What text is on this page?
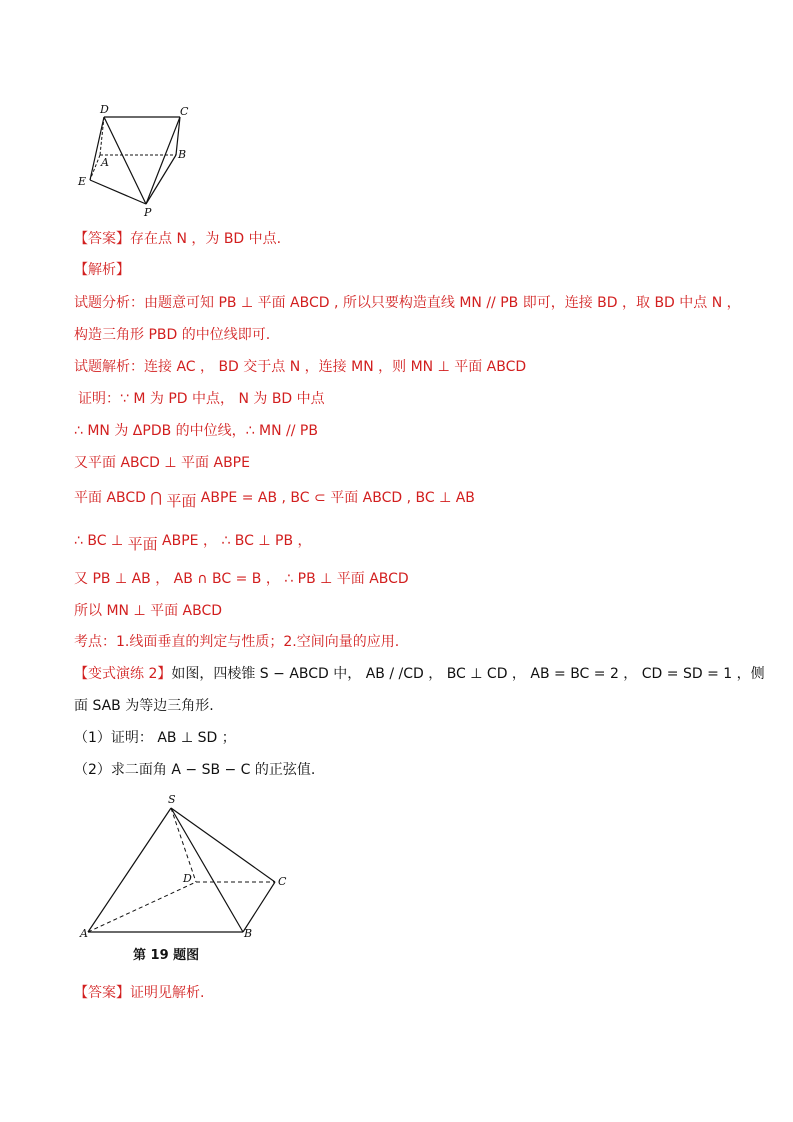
D	C
A
B
E
P
【答案】存在点 N ，为 BD 中点.
【解析】
试题分析：由题意可知 PB ⊥ 平面 ABCD , 所以只要构造直线 MN // PB 即可，连接 BD ，取 BD 中点 N ，
构造三角形 PBD 的中位线即可.
试题解析：连接 AC ， BD 交于点 N ，连接 MN ，则 MN ⊥ 平面 ABCD
证明：∵ M 为 PD 中点， N 为 BD 中点
∴ MN 为 ΔPDB 的中位线，∴ MN // PB
又平面 ABCD ⊥ 平面 ABPE
平面 ABCD ⋂ 平面 ABPE = AB , BC ⊂ 平面 ABCD , BC ⊥ AB
∴ BC ⊥ 平面 ABPE ， ∴ BC ⊥ PB ，
又 PB ⊥ AB ， AB ∩ BC = B ， ∴ PB ⊥ 平面 ABCD
所以 MN ⊥ 平面 ABCD
考点：1.线面垂直的判定与性质；2.空间向量的应用.
【变式演练 2】如图，四棱锥 S − ABCD 中， AB / /CD ， BC ⊥ CD ， AB = BC = 2 ， CD = SD = 1 ，侧
面 SAB 为等边三角形.
（1）证明： AB ⊥ SD ；
（2）求二面角 A − SB − C 的正弦值.
S
D	C
A	B
第 19 题图
【答案】证明见解析.
